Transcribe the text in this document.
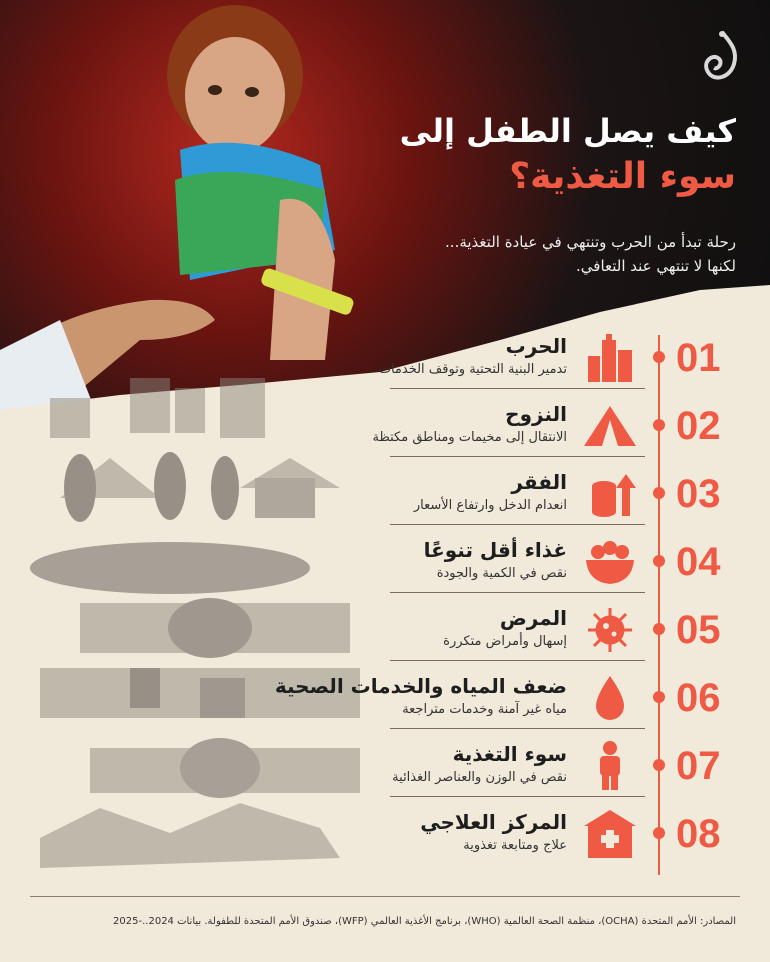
كيف يصل الطفل إلى
سوء التغذية؟
رحلة تبدأ من الحرب وتنتهي في عيادة التغذية...
لكنها لا تنتهي عند التعافي.
01
الحرب
تدمير البنية التحتية وتوقف الخدمات
02
النزوح
الانتقال إلى مخيمات ومناطق مكتظة
03
الفقر
انعدام الدخل وارتفاع الأسعار
04
غذاء أقل تنوعًا
نقص في الكمية والجودة
05
المرض
إسهال وأمراض متكررة
06
ضعف المياه والخدمات الصحية
مياه غير آمنة وخدمات متراجعة
07
سوء التغذية
نقص في الوزن والعناصر الغذائية
08
المركز العلاجي
علاج ومتابعة تغذوية
المصادر: الأمم المتحدة (OCHA)، منظمة الصحة العالمية (WHO)، برنامج الأغذية العالمي (WFP)، صندوق الأمم المتحدة للطفولة. بيانات 2024..-2025
